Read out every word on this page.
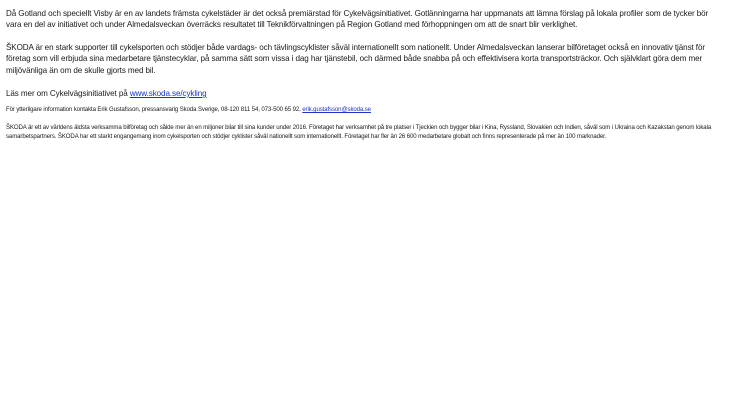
Då Gotland och speciellt Visby är en av landets främsta cykelstäder är det också premiärstad för Cykelvägsinitiativet. Gotlänningarna har uppmanats att lämna förslag på lokala profiler som de tycker bör vara en del av initiativet och under Almedalsveckan överräcks resultatet till Teknikförvaltningen på Region Gotland med förhoppningen om att de snart blir verklighet.

ŠKODA är en stark supporter till cykelsporten och stödjer både vardags- och tävlingscyklister såväl internationellt som nationellt. Under Almedalsveckan lanserar bilföretaget också en innovativ tjänst för företag som vill erbjuda sina medarbetare tjänstecyklar, på samma sätt som vissa i dag har tjänstebil, och därmed både snabba på och effektivisera korta transportsträckor. Och självklart göra dem mer miljövänliga än om de skulle gjorts med bil.

Läs mer om Cykelvägsinitiativet på www.skoda.se/cykling

För ytterligare information kontakta Erik Gustafsson, pressansvarig Skoda Sverige, 08-120 811 54, 073-500 65 92, erik.gustafsson@skoda.se

ŠKODA är ett av världens äldsta verksamma bilföretag och sålde mer än en miljoner bilar till sina kunder under 2016. Företaget har verksamhet på tre platser i Tjeckien och bygger bilar i Kina, Ryssland, Slovakien och Indien, såväl som i Ukraina och Kazakstan genom lokala samarbetspartners. ŠKODA har ett starkt engangemang inom cykelsporten och stödjer cyklister såväl nationellt som internationellt. Företaget har fler än 26 600 medarbetare globalt och finns representerade på mer än 100 marknader.
